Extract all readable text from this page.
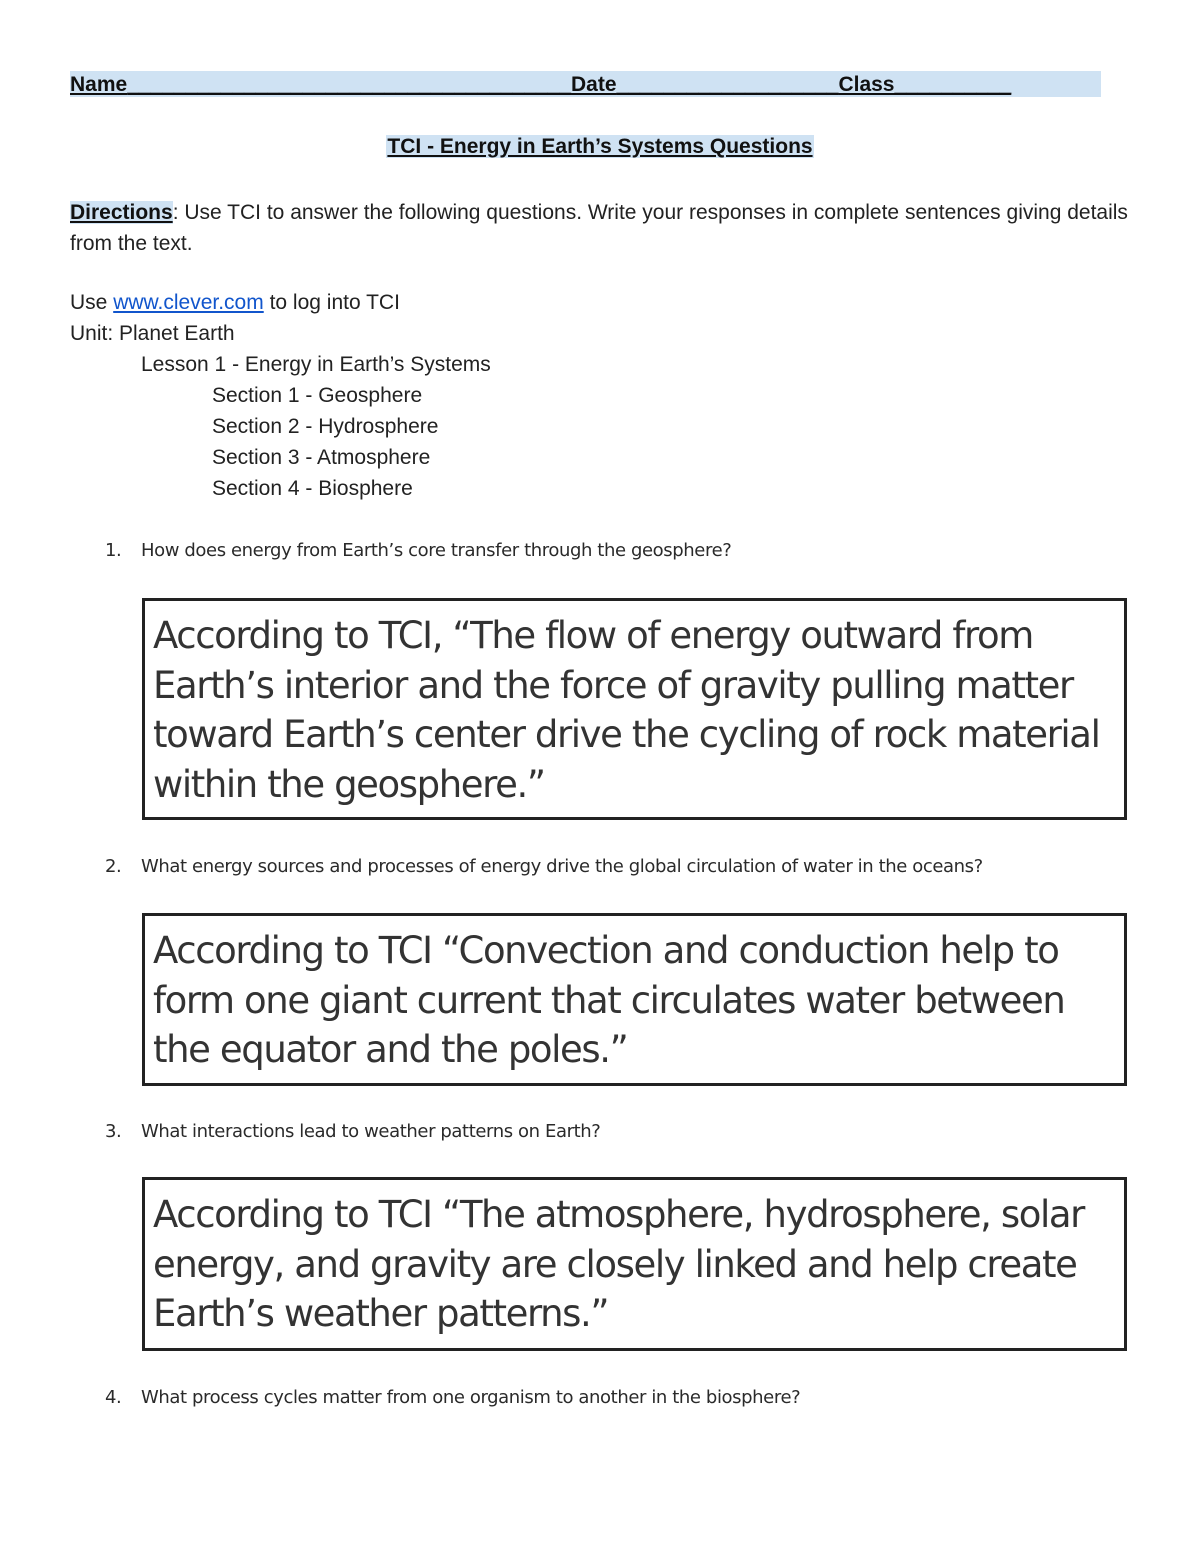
Name______________________________________Date___________________Class__________
TCI - Energy in Earth’s Systems Questions
Directions: Use TCI to answer the following questions. Write your responses in complete sentences giving details from the text.
Use www.clever.com to log into TCI
Unit: Planet Earth
Lesson 1 - Energy in Earth’s Systems
Section 1 - Geosphere
Section 2 - Hydrosphere
Section 3 - Atmosphere
Section 4 - Biosphere
1. How does energy from Earth’s core transfer through the geosphere?
According to TCI, “The flow of energy outward from Earth’s interior and the force of gravity pulling matter toward Earth’s center drive the cycling of rock material within the geosphere.”
2. What energy sources and processes of energy drive the global circulation of water in the oceans?
According to TCI “Convection and conduction help to form one giant current that circulates water between the equator and the poles.”
3. What interactions lead to weather patterns on Earth?
According to TCI “The atmosphere, hydrosphere, solar energy, and gravity are closely linked and help create Earth’s weather patterns.”
4. What process cycles matter from one organism to another in the biosphere?
